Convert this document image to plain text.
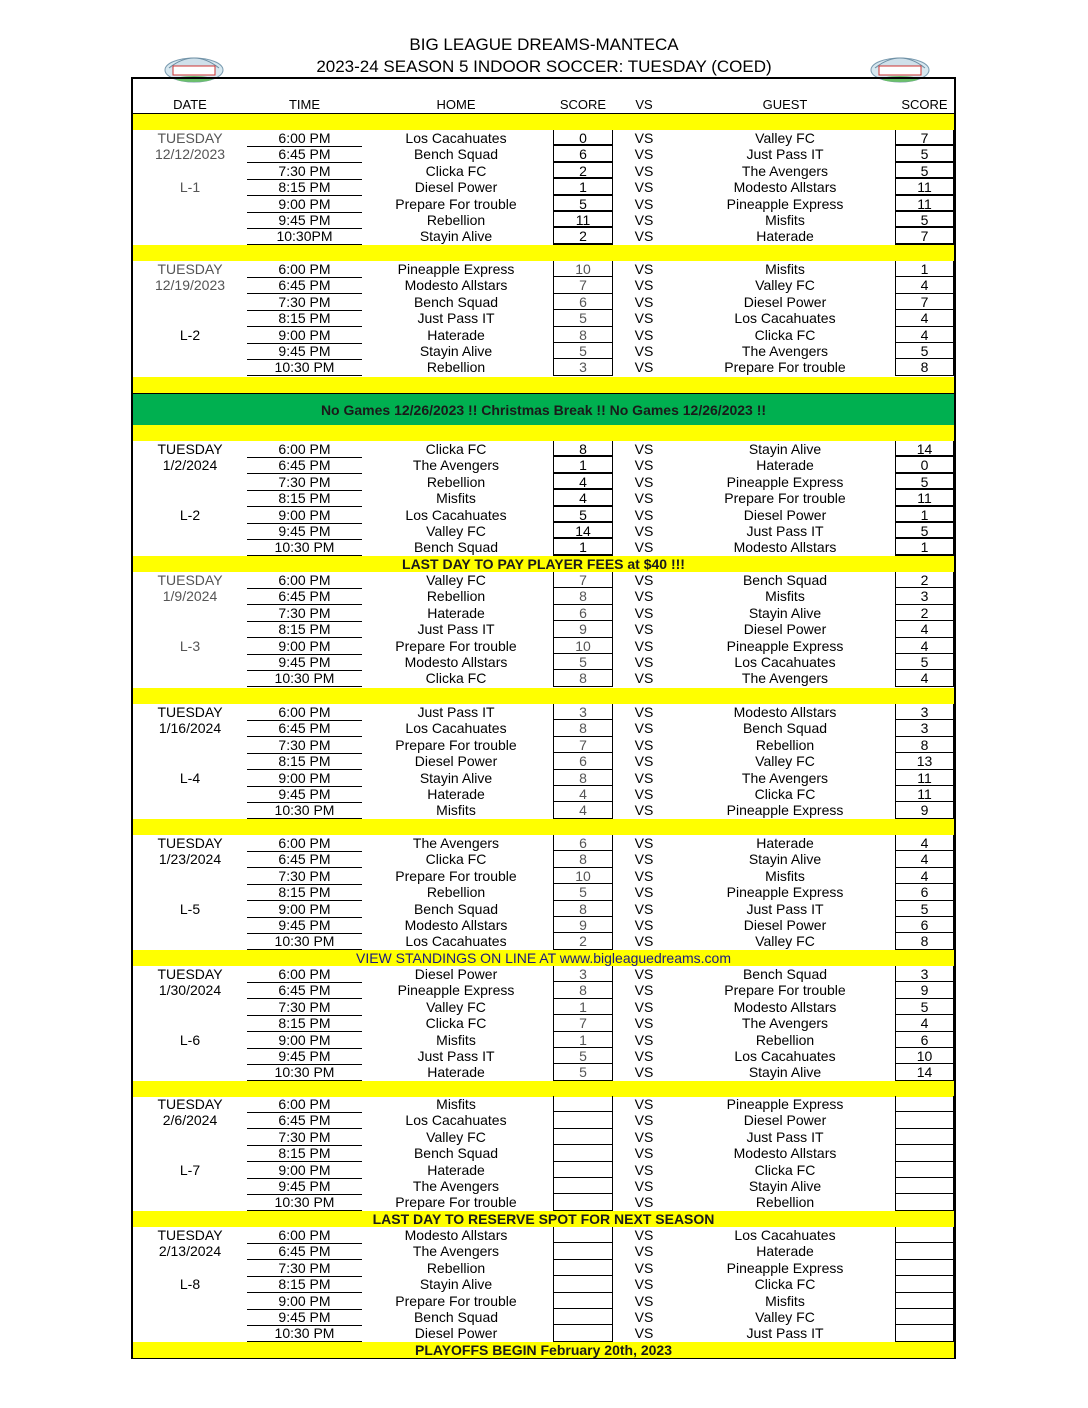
BIG LEAGUE DREAMS-MANTECA
2023-24 SEASON 5 INDOOR SOCCER: TUESDAY (COED)
DATE	TIME	HOME	SCORE	VS	GUEST	SCORE
TUESDAY	6:00 PM	Los Cacahuates	0	VS	Valley FC	7
12/12/2023	6:45 PM	Bench Squad	6	VS	Just Pass IT	5
7:30 PM	Clicka FC	2	VS	The Avengers	5
L-1	8:15 PM	Diesel Power	1	VS	Modesto Allstars	11
9:00 PM	Prepare For trouble	5	VS	Pineapple Express	11
9:45 PM	Rebellion	11	VS	Misfits	5
10:30PM	Stayin Alive	2	VS	Haterade	7
TUESDAY	6:00 PM	Pineapple Express	10	VS	Misfits	1
12/19/2023	6:45 PM	Modesto Allstars	7	VS	Valley FC	4
7:30 PM	Bench Squad	6	VS	Diesel Power	7
8:15 PM	Just Pass IT	5	VS	Los Cacahuates	4
L-2	9:00 PM	Haterade	8	VS	Clicka FC	4
9:45 PM	Stayin Alive	5	VS	The Avengers	5
10:30 PM	Rebellion	3	VS	Prepare For trouble	8
No Games 12/26/2023 !! Christmas Break !! No Games 12/26/2023 !!
TUESDAY	6:00 PM	Clicka FC	8	VS	Stayin Alive	14
1/2/2024	6:45 PM	The Avengers	1	VS	Haterade	0
7:30 PM	Rebellion	4	VS	Pineapple Express	5
8:15 PM	Misfits	4	VS	Prepare For trouble	11
L-2	9:00 PM	Los Cacahuates	5	VS	Diesel Power	1
9:45 PM	Valley FC	14	VS	Just Pass IT	5
10:30 PM	Bench Squad	1	VS	Modesto Allstars	1
LAST DAY TO PAY PLAYER FEES at $40 !!!
TUESDAY	6:00 PM	Valley FC	7	VS	Bench Squad	2
1/9/2024	6:45 PM	Rebellion	8	VS	Misfits	3
7:30 PM	Haterade	6	VS	Stayin Alive	2
8:15 PM	Just Pass IT	9	VS	Diesel Power	4
L-3	9:00 PM	Prepare For trouble	10	VS	Pineapple Express	4
9:45 PM	Modesto Allstars	5	VS	Los Cacahuates	5
10:30 PM	Clicka FC	8	VS	The Avengers	4
TUESDAY	6:00 PM	Just Pass IT	3	VS	Modesto Allstars	3
1/16/2024	6:45 PM	Los Cacahuates	8	VS	Bench Squad	3
7:30 PM	Prepare For trouble	7	VS	Rebellion	8
8:15 PM	Diesel Power	6	VS	Valley FC	13
L-4	9:00 PM	Stayin Alive	8	VS	The Avengers	11
9:45 PM	Haterade	4	VS	Clicka FC	11
10:30 PM	Misfits	4	VS	Pineapple Express	9
TUESDAY	6:00 PM	The Avengers	6	VS	Haterade	4
1/23/2024	6:45 PM	Clicka FC	8	VS	Stayin Alive	4
7:30 PM	Prepare For trouble	10	VS	Misfits	4
8:15 PM	Rebellion	5	VS	Pineapple Express	6
L-5	9:00 PM	Bench Squad	8	VS	Just Pass IT	5
9:45 PM	Modesto Allstars	9	VS	Diesel Power	6
10:30 PM	Los Cacahuates	2	VS	Valley FC	8
VIEW STANDINGS ON LINE AT www.bigleaguedreams.com
TUESDAY	6:00 PM	Diesel Power	3	VS	Bench Squad	3
1/30/2024	6:45 PM	Pineapple Express	8	VS	Prepare For trouble	9
7:30 PM	Valley FC	1	VS	Modesto Allstars	5
8:15 PM	Clicka FC	7	VS	The Avengers	4
L-6	9:00 PM	Misfits	1	VS	Rebellion	6
9:45 PM	Just Pass IT	5	VS	Los Cacahuates	10
10:30 PM	Haterade	5	VS	Stayin Alive	14
TUESDAY	6:00 PM	Misfits	VS	Pineapple Express
2/6/2024	6:45 PM	Los Cacahuates	VS	Diesel Power
7:30 PM	Valley FC	VS	Just Pass IT
8:15 PM	Bench Squad	VS	Modesto Allstars
L-7	9:00 PM	Haterade	VS	Clicka FC
9:45 PM	The Avengers	VS	Stayin Alive
10:30 PM	Prepare For trouble	VS	Rebellion
LAST DAY TO RESERVE SPOT FOR NEXT SEASON
TUESDAY	6:00 PM	Modesto Allstars	VS	Los Cacahuates
2/13/2024	6:45 PM	The Avengers	VS	Haterade
7:30 PM	Rebellion	VS	Pineapple Express
L-8	8:15 PM	Stayin Alive	VS	Clicka FC
9:00 PM	Prepare For trouble	VS	Misfits
9:45 PM	Bench Squad	VS	Valley FC
10:30 PM	Diesel Power	VS	Just Pass IT
PLAYOFFS BEGIN February 20th, 2023
